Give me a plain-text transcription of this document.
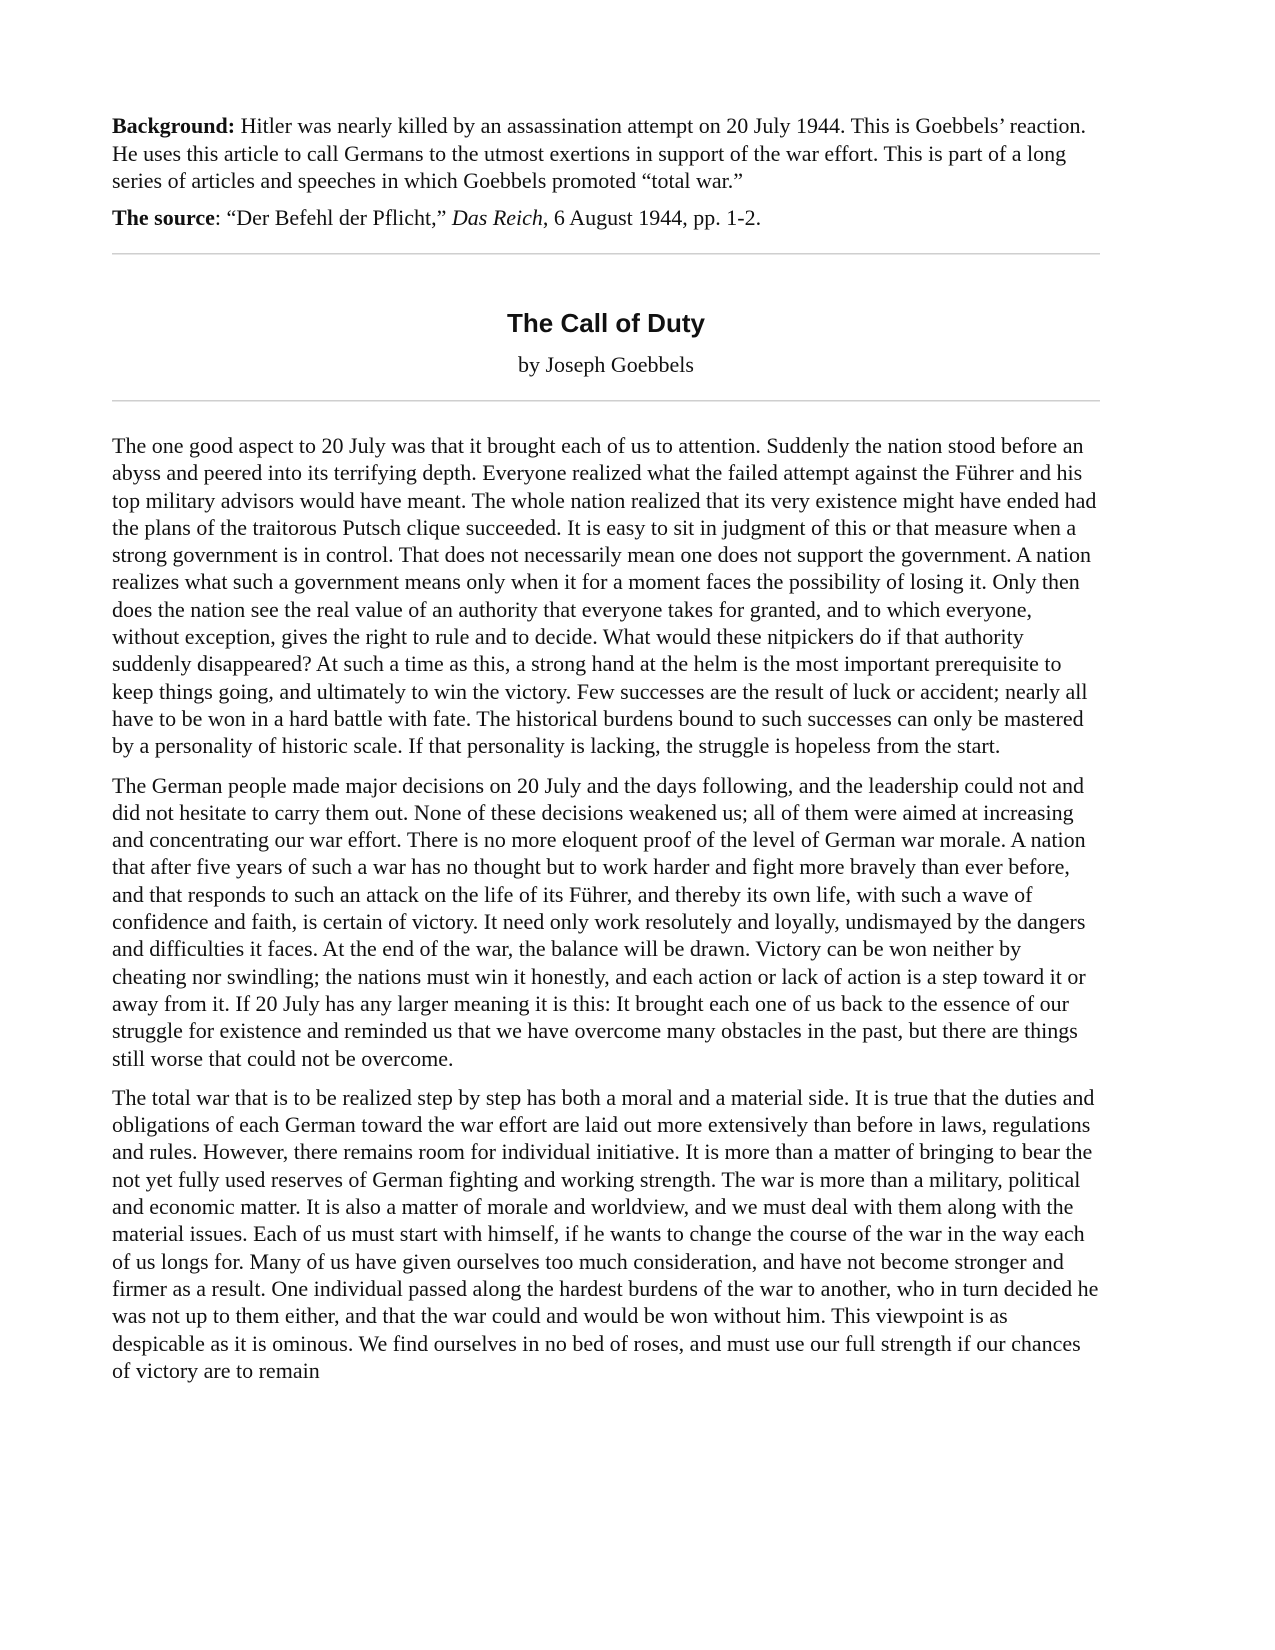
Background: Hitler was nearly killed by an assassination attempt on 20 July 1944. This is Goebbels’ reaction. He uses this article to call Germans to the utmost exertions in support of the war effort. This is part of a long series of articles and speeches in which Goebbels promoted “total war.”

The source: “Der Befehl der Pflicht,” Das Reich, 6 August 1944, pp. 1-2.

The Call of Duty
by Joseph Goebbels

The one good aspect to 20 July was that it brought each of us to attention. Suddenly the nation stood before an abyss and peered into its terrifying depth. Everyone realized what the failed attempt against the Führer and his top military advisors would have meant. The whole nation realized that its very existence might have ended had the plans of the traitorous Putsch clique succeeded. It is easy to sit in judgment of this or that measure when a strong government is in control. That does not necessarily mean one does not support the government. A nation realizes what such a government means only when it for a moment faces the possibility of losing it. Only then does the nation see the real value of an authority that everyone takes for granted, and to which everyone, without exception, gives the right to rule and to decide. What would these nitpickers do if that authority suddenly disappeared? At such a time as this, a strong hand at the helm is the most important prerequisite to keep things going, and ultimately to win the victory. Few successes are the result of luck or accident; nearly all have to be won in a hard battle with fate. The historical burdens bound to such successes can only be mastered by a personality of historic scale. If that personality is lacking, the struggle is hopeless from the start.

The German people made major decisions on 20 July and the days following, and the leadership could not and did not hesitate to carry them out. None of these decisions weakened us; all of them were aimed at increasing and concentrating our war effort. There is no more eloquent proof of the level of German war morale. A nation that after five years of such a war has no thought but to work harder and fight more bravely than ever before, and that responds to such an attack on the life of its Führer, and thereby its own life, with such a wave of confidence and faith, is certain of victory. It need only work resolutely and loyally, undismayed by the dangers and difficulties it faces. At the end of the war, the balance will be drawn. Victory can be won neither by cheating nor swindling; the nations must win it honestly, and each action or lack of action is a step toward it or away from it. If 20 July has any larger meaning it is this: It brought each one of us back to the essence of our struggle for existence and reminded us that we have overcome many obstacles in the past, but there are things still worse that could not be overcome.

The total war that is to be realized step by step has both a moral and a material side. It is true that the duties and obligations of each German toward the war effort are laid out more extensively than before in laws, regulations and rules. However, there remains room for individual initiative. It is more than a matter of bringing to bear the not yet fully used reserves of German fighting and working strength. The war is more than a military, political and economic matter. It is also a matter of morale and worldview, and we must deal with them along with the material issues. Each of us must start with himself, if he wants to change the course of the war in the way each of us longs for. Many of us have given ourselves too much consideration, and have not become stronger and firmer as a result. One individual passed along the hardest burdens of the war to another, who in turn decided he was not up to them either, and that the war could and would be won without him. This viewpoint is as despicable as it is ominous. We find ourselves in no bed of roses, and must use our full strength if our chances of victory are to remain
